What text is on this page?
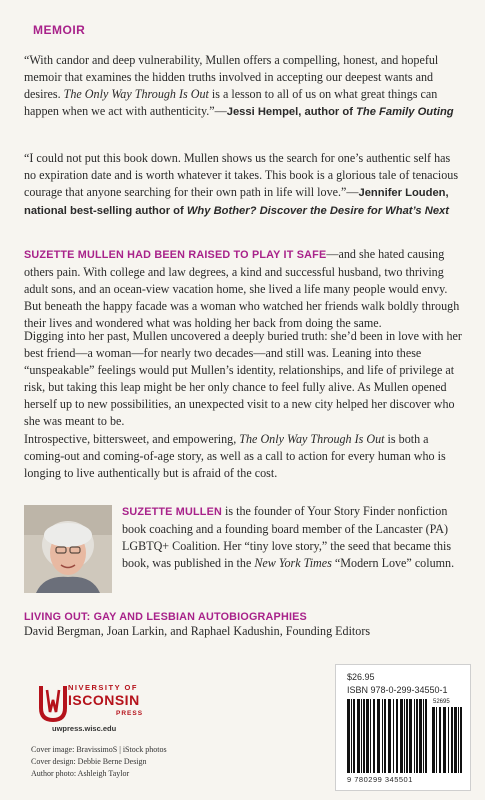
MEMOIR
“With candor and deep vulnerability, Mullen offers a compelling, honest, and hopeful memoir that examines the hidden truths involved in accepting our deepest wants and desires. The Only Way Through Is Out is a lesson to all of us on what great things can happen when we act with authenticity.”—Jessi Hempel, author of The Family Outing
“I could not put this book down. Mullen shows us the search for one’s authentic self has no expiration date and is worth whatever it takes. This book is a glorious tale of tenacious courage that anyone searching for their own path in life will love.”—Jennifer Louden, national best-selling author of Why Bother? Discover the Desire for What’s Next
SUZETTE MULLEN HAD BEEN RAISED TO PLAY IT SAFE—and she hated causing others pain. With college and law degrees, a kind and successful husband, two thriving adult sons, and an ocean-view vacation home, she lived a life many people would envy. But beneath the happy facade was a woman who watched her friends walk boldly through their lives and wondered what was holding her back from doing the same.
Digging into her past, Mullen uncovered a deeply buried truth: she’d been in love with her best friend—a woman—for nearly two decades—and still was. Leaning into these “unspeakable” feelings would put Mullen’s identity, relationships, and life of privilege at risk, but taking this leap might be her only chance to feel fully alive. As Mullen opened herself up to new possibilities, an unexpected visit to a new city helped her discover who she was meant to be.
Introspective, bittersweet, and empowering, The Only Way Through Is Out is both a coming-out and coming-of-age story, as well as a call to action for every human who is longing to live authentically but is afraid of the cost.
SUZETTE MULLEN is the founder of Your Story Finder nonfiction book coaching and a founding board member of the Lancaster (PA) LGBTQ+ Coalition. Her “tiny love story,” the seed that became this book, was published in the New York Times “Modern Love” column.
LIVING OUT: GAY AND LESBIAN AUTOBIOGRAPHIES
David Bergman, Joan Larkin, and Raphael Kadushin, Founding Editors
NIVERSITY OF
ISCONSIN
PRESS
uwpress.wisc.edu
Cover image: BravissimoS | iStock photos
Cover design: Debbie Berne Design
Author photo: Ashleigh Taylor
$26.95
ISBN 978-0-299-34550-1
52695
9 780299 345501
